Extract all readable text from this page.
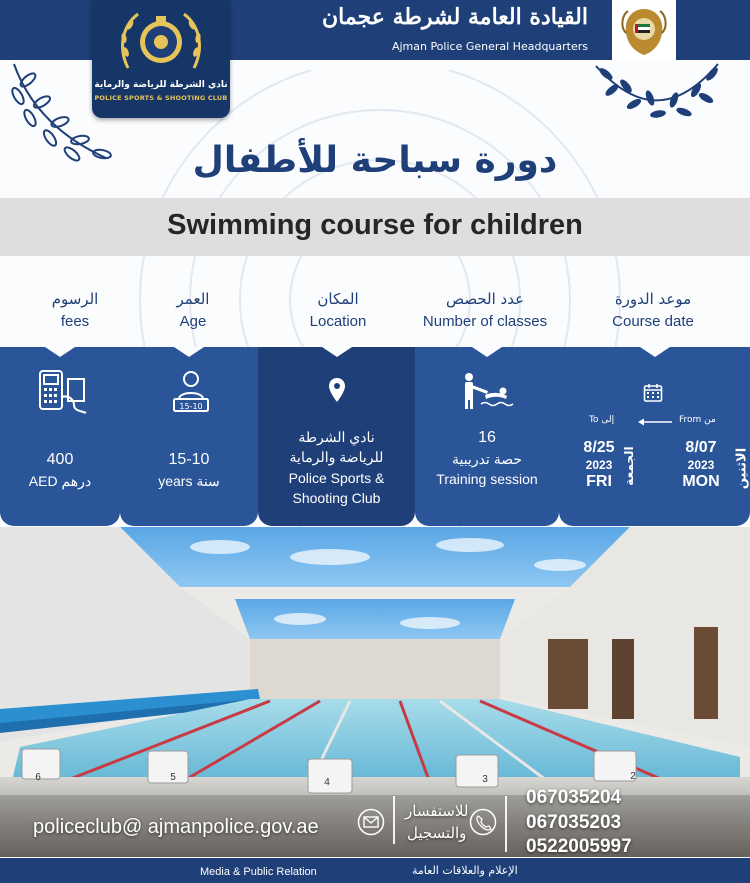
نادي الشرطة للرياضة والرماية
POLICE SPORTS & SHOOTING CLUB
القيادة العامة لشرطة عجمان
Ajman Police General Headquarters
دورة سباحة للأطفال
Swimming course for children
الرسوم
fees
العمر
Age
المكان
Location
عدد الحصص
Number of classes
موعد الدورة
Course date
400
AED درهم
15-10
15-10
years سنة
نادي الشرطة
للرياضة والرماية
Police Sports &
Shooting Club
16
حصة تدريبية
Training session
From من
To إلى
8/07
2023
MON	الاثنين
8/25
2023
FRI الجمعة
6	5	4	3	2
policeclub@ ajmanpolice.gov.ae
للاستفسار
والتسجيل
067035204
067035203
0522005997
Media & Public Relation	الإعلام والعلاقات العامة
